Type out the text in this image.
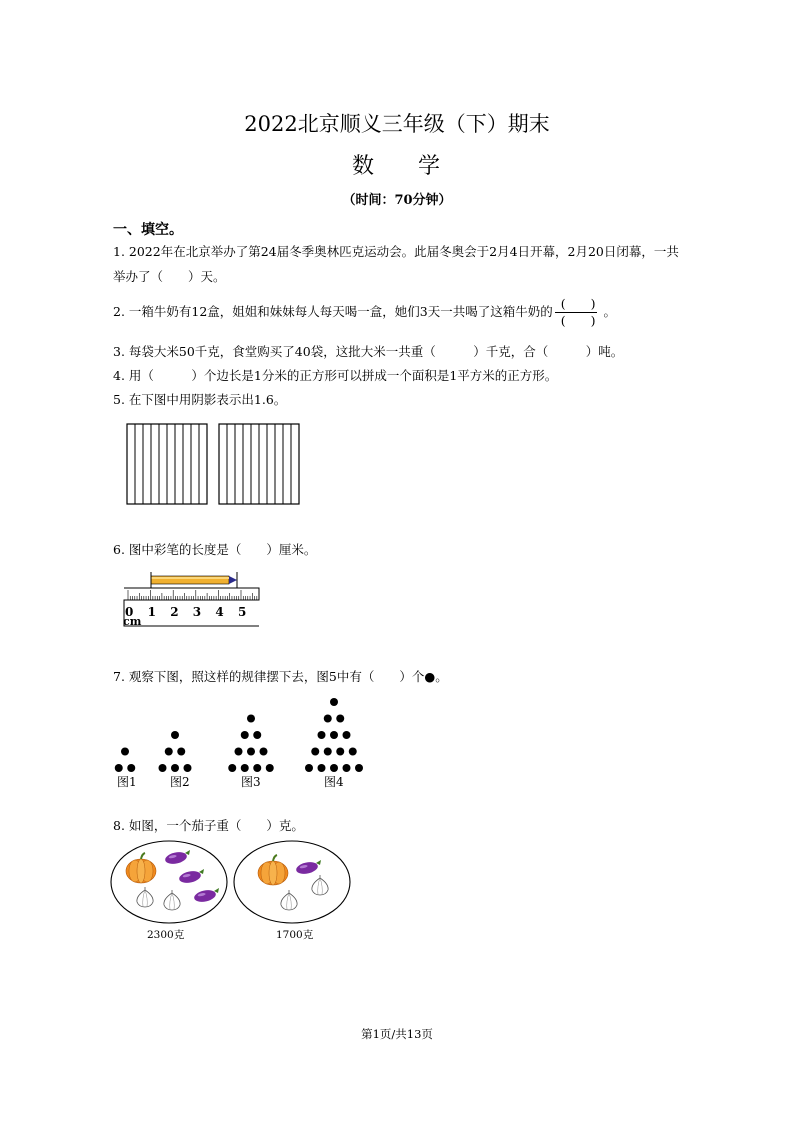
2022北京顺义三年级（下）期末
数 学
（时间：70分钟）
一、填空。
1. 2022年在北京举办了第24届冬季奥林匹克运动会。此届冬奥会于2月4日开幕，2月20日闭幕，一共
举办了（　　）天。
2. 一箱牛奶有12盒，姐姐和妹妹每人每天喝一盒，她们3天一共喝了这箱牛奶的 $\frac{( )}{( )}$ 。
3. 每袋大米50千克，食堂购买了40袋，这批大米一共重（　　　）千克，合（　　　）吨。
4. 用（　　　）个边长是1分米的正方形可以拼成一个面积是1平方米的正方形。
5. 在下图中用阴影表示出1.6。
6. 图中彩笔的长度是（　　）厘米。
0 1 2 3 4 5
cm
7. 观察下图，照这样的规律摆下去，图5中有（　　）个●。
图1	图2	图3	图4
8. 如图，一个茄子重（　　）克。
2300克	1700克
第1页/共13页
